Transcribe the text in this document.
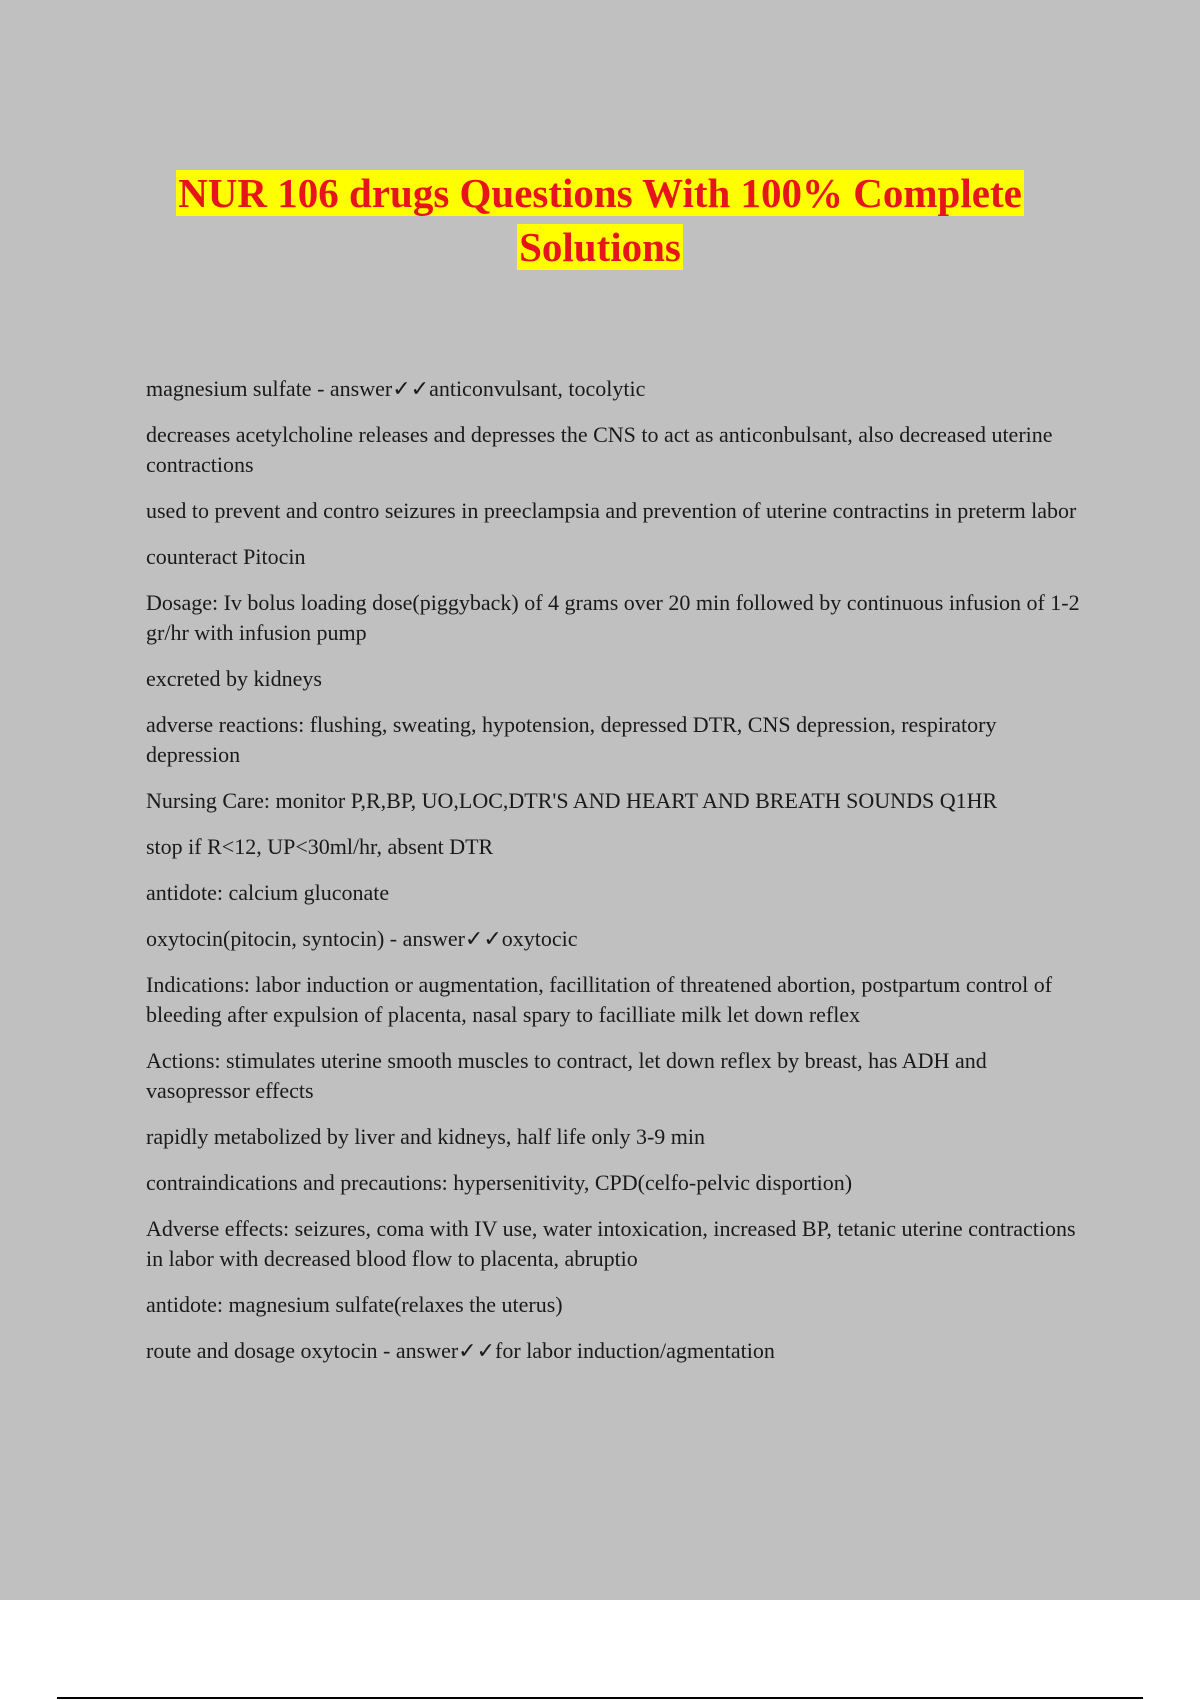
NUR 106 drugs Questions With 100% Complete
Solutions

magnesium sulfate - answer✓✓anticonvulsant, tocolytic

decreases acetylcholine releases and depresses the CNS to act as anticonbulsant, also decreased uterine contractions

used to prevent and contro seizures in preeclampsia and prevention of uterine contractins in preterm labor

counteract Pitocin

Dosage: Iv bolus loading dose(piggyback) of 4 grams over 20 min followed by continuous infusion of 1-2 gr/hr with infusion pump

excreted by kidneys

adverse reactions: flushing, sweating, hypotension, depressed DTR, CNS depression, respiratory depression

Nursing Care: monitor P,R,BP, UO,LOC,DTR'S AND HEART AND BREATH SOUNDS Q1HR

stop if R<12, UP<30ml/hr, absent DTR

antidote: calcium gluconate

oxytocin(pitocin, syntocin) - answer✓✓oxytocic

Indications: labor induction or augmentation, facillitation of threatened abortion, postpartum control of bleeding after expulsion of placenta, nasal spary to facilliate milk let down reflex

Actions: stimulates uterine smooth muscles to contract, let down reflex by breast, has ADH and vasopressor effects

rapidly metabolized by liver and kidneys, half life only 3-9 min

contraindications and precautions: hypersenitivity, CPD(celfo-pelvic disportion)

Adverse effects: seizures, coma with IV use, water intoxication, increased BP, tetanic uterine contractions in labor with decreased blood flow to placenta, abruptio

antidote: magnesium sulfate(relaxes the uterus)

route and dosage oxytocin - answer✓✓for labor induction/agmentation
